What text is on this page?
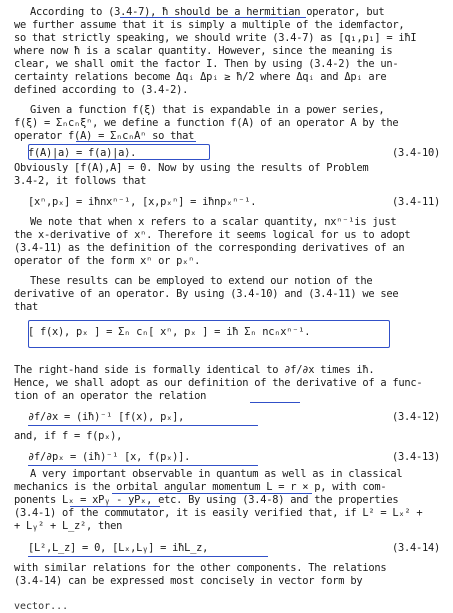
According to (3.4-7), ħ should be a hermitian operator, but
we further assume that it is simply a multiple of the idemfactor,
so that strictly speaking, we should write (3.4-7) as [q₁,p₁] = iħI
where now ħ is a scalar quantity. However, since the meaning is
clear, we shall omit the factor I. Then by using (3.4-2) the un-
certainty relations become Δqᵢ Δpᵢ ≥ ħ/2 where Δqᵢ and Δpᵢ are
defined according to (3.4-2).
Given a function f(ξ) that is expandable in a power series,
f(ξ) = Σₙcₙξⁿ, we define a function f(A) of an operator A by the
operator f(A) = ΣₙcₙAⁿ so that
Obviously [f(A),A] = 0. Now by using the results of Problem
3.4-2, it follows that
We note that when x refers to a scalar quantity, nxⁿ⁻¹is just
the x-derivative of xⁿ. Therefore it seems logical for us to adopt
(3.4-11) as the definition of the corresponding derivatives of an
operator of the form xⁿ or pₓⁿ.
These results can be employed to extend our notion of the
derivative of an operator. By using (3.4-10) and (3.4-11) we see
that
The right-hand side is formally identical to ∂f/∂x times iħ.
Hence, we shall adopt as our definition of the derivative of a func-
tion of an operator the relation
and, if f = f(pₓ),
A very important observable in quantum as well as in classical
mechanics is the orbital angular momentum L = r × p, with com-
ponents Lₓ = xPᵧ - yPₓ, etc. By using (3.4-8) and the properties
(3.4-1) of the commutator, it is easily verified that, if L² = Lₓ² +
+ Lᵧ² + L_z², then
with similar relations for the other components. The relations
(3.4-14) can be expressed most concisely in vector form by
f(A)|a⟩ = f(a)|a⟩.	(3.4-10)
[xⁿ,pₓ] = iħnxⁿ⁻¹, [x,pₓⁿ] = iħnpₓⁿ⁻¹.	(3.4-11)
[ f(x), pₓ ] = Σₙ cₙ[ xⁿ, pₓ ] = iħ Σₙ ncₙxⁿ⁻¹.
∂f/∂x = (iħ)⁻¹ [f(x), pₓ],	(3.4-12)
∂f/∂pₓ = (iħ)⁻¹ [x, f(pₓ)].	(3.4-13)
[L²,L_z] = 0, [Lₓ,Lᵧ] = iħL_z,	(3.4-14)
vector...
